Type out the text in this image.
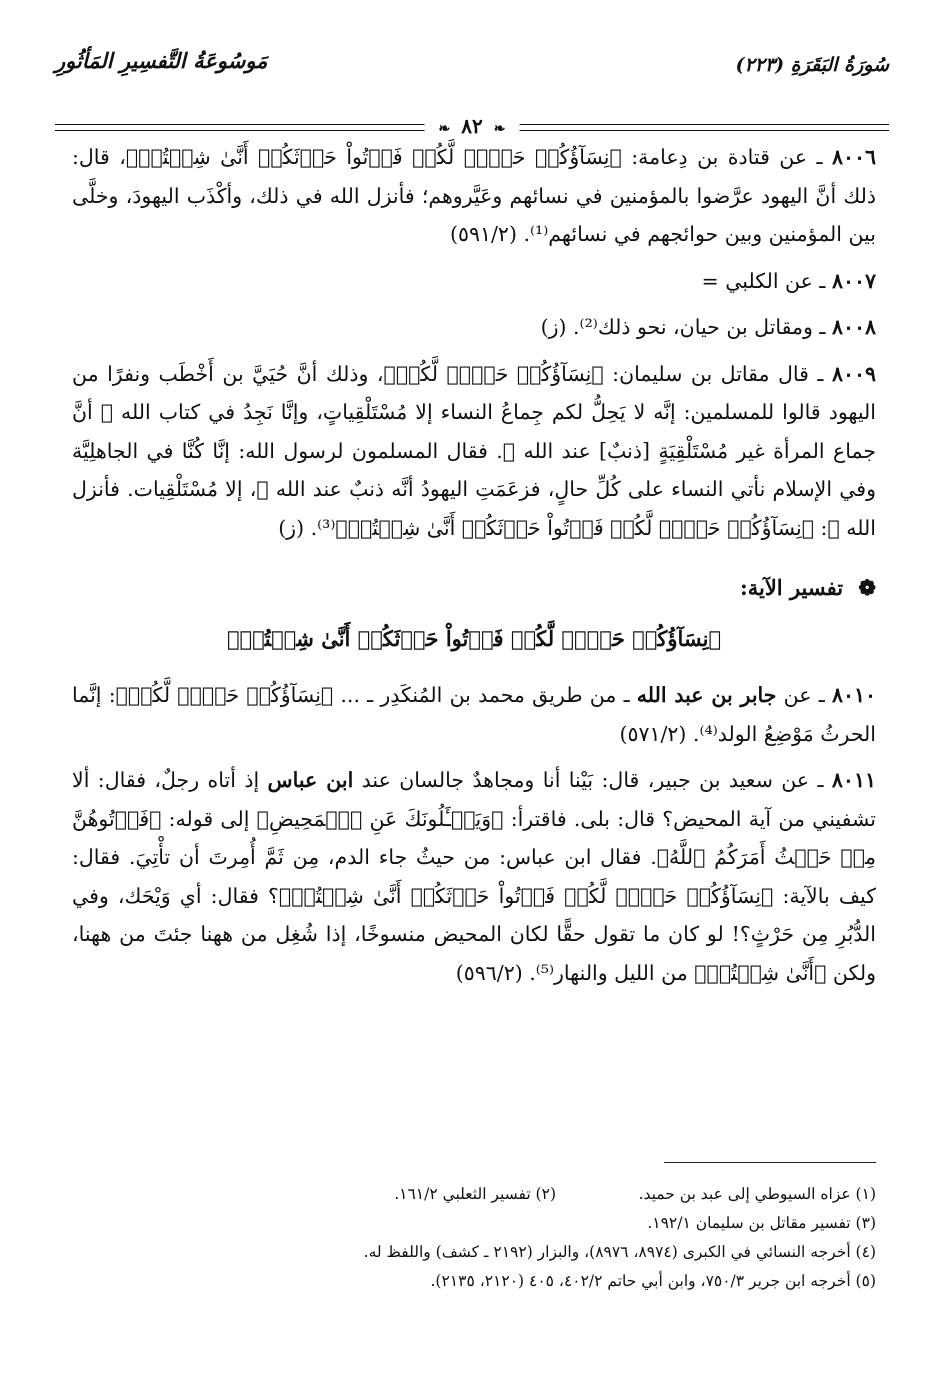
سُورَةُ البَقَرَةِ (٢٢٣)
مَوسُوعَةُ التَّفسِيرِ المَأثُورِ
❧ ٨٢ ❧

٨٠٠٦ ـ عن قتادة بن دِعامة: ﴿نِسَآؤُكُمۡ حَرۡثٞ لَّكُمۡ فَأۡتُواْ حَرۡثَكُمۡ أَنَّىٰ شِئۡتُمۡ﴾، قال: ذلك أنَّ اليهود عرَّضوا بالمؤمنين في نسائهم وعَيَّروهم؛ فأنزل الله في ذلك، وأكْذَب اليهودَ، وخلَّى بين المؤمنين وبين حوائجهم في نسائهم⁽¹⁾. (٥٩١/٢)

٨٠٠٧ ـ عن الكلبي =

٨٠٠٨ ـ ومقاتل بن حيان، نحو ذلك⁽²⁾. (ز)

٨٠٠٩ ـ قال مقاتل بن سليمان: ﴿نِسَآؤُكُمۡ حَرۡثٞ لَّكُمۡ﴾، وذلك أنَّ حُيَيَّ بن أَخْطَب ونفرًا من اليهود قالوا للمسلمين: إنَّه لا يَحِلُّ لكم جِماعُ النساء إلا مُسْتَلْقِياتٍ، وإنَّا نَجِدُ في كتاب الله ﷻ أنَّ جماع المرأة غير مُسْتَلْقِيَةٍ [ذنبٌ] عند الله ﷻ. فقال المسلمون لرسول الله: إنَّا كُنَّا في الجاهلِيَّة وفي الإسلام نأتي النساء على كُلِّ حالٍ، فزعَمَتِ اليهودُ أنَّه ذنبٌ عند الله ﷻ، إلا مُسْتَلْقِيات. فأنزل الله ﷻ: ﴿نِسَآؤُكُمۡ حَرۡثٞ لَّكُمۡ فَأۡتُواْ حَرۡثَكُمۡ أَنَّىٰ شِئۡتُمۡ﴾⁽³⁾. (ز)

❁ تفسير الآية:
﴿نِسَآؤُكُمۡ حَرۡثٞ لَّكُمۡ فَأۡتُواْ حَرۡثَكُمۡ أَنَّىٰ شِئۡتُمۡ﴾

٨٠١٠ ـ عن جابر بن عبد الله ـ من طريق محمد بن المُنكَدِر ـ ... ﴿نِسَآؤُكُمۡ حَرۡثٞ لَّكُمۡ﴾: إنَّما الحرثُ مَوْضِعُ الولد⁽⁴⁾. (٥٧١/٢)

٨٠١١ ـ عن سعيد بن جبير، قال: بَيْنا أنا ومجاهدٌ جالسان عند ابن عباس إذ أتاه رجلٌ، فقال: ألا تشفيني من آية المحيض؟ قال: بلى. فاقترأ: ﴿وَيَسۡـَٔلُونَكَ عَنِ ٱلۡمَحِيضِ﴾ إلى قوله: ﴿فَأۡتُوهُنَّ مِنۡ حَيۡثُ أَمَرَكُمُ ٱللَّهُ﴾. فقال ابن عباس: من حيثُ جاء الدم، مِن ثَمَّ أُمِرتَ أن تأْتِيَ. فقال: كيف بالآية: ﴿نِسَآؤُكُمۡ حَرۡثٞ لَّكُمۡ فَأۡتُواْ حَرۡثَكُمۡ أَنَّىٰ شِئۡتُمۡ﴾؟ فقال: أي وَيْحَك، وفي الدُّبُرِ مِن حَرْثٍ؟! لو كان ما تقول حقًّا لكان المحيض منسوخًا، إذا شُغِل من ههنا جئتَ من ههنا، ولكن ﴿أَنَّىٰ شِئۡتُمۡ﴾ من الليل والنهار⁽⁵⁾. (٥٩٦/٢)

(١) عزاه السيوطي إلى عبد بن حميد.
(٢) تفسير الثعلبي ١٦١/٢.
(٣) تفسير مقاتل بن سليمان ١٩٢/١.
(٤) أخرجه النسائي في الكبرى (٨٩٧٤، ٨٩٧٦)، والبزار (٢١٩٢ ـ كشف) واللفظ له.
(٥) أخرجه ابن جرير ٧٥٠/٣، وابن أبي حاتم ٤٠٢/٢، ٤٠٥ (٢١٢٠، ٢١٣٥).
